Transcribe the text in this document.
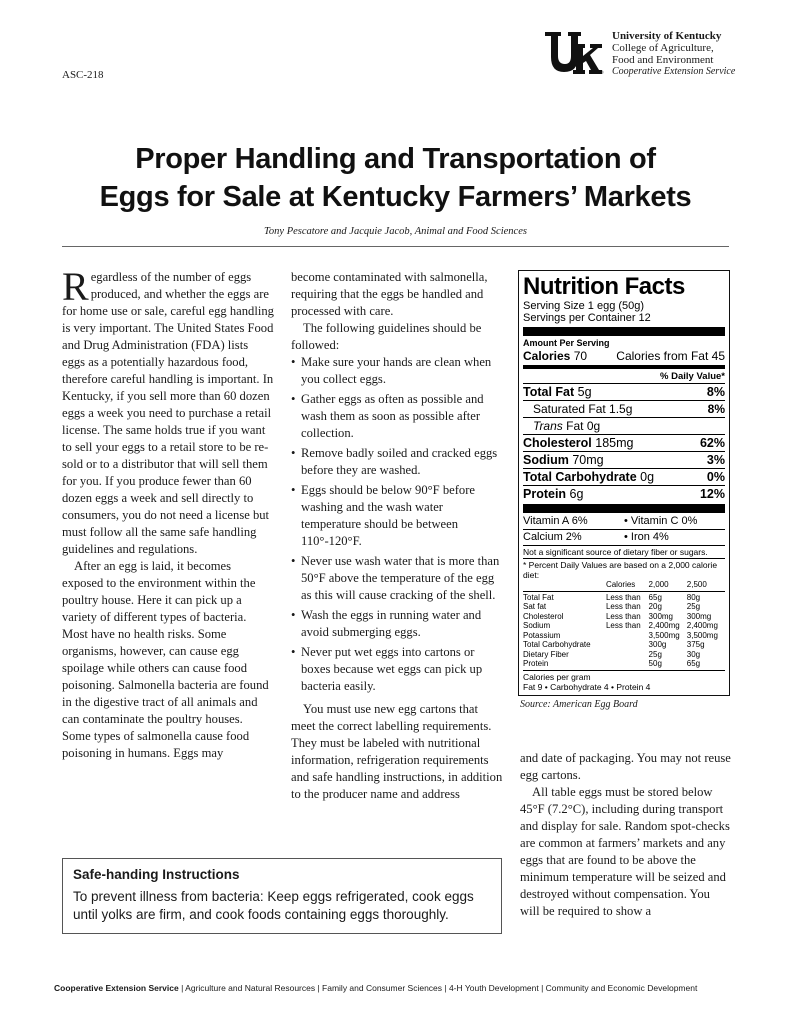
ASC-218	®
University of Kentucky
College of Agriculture,
Food and Environment
Cooperative Extension Service
Proper Handling and Transportation of
Eggs for Sale at Kentucky Farmers’ Markets
Tony Pescatore and Jacquie Jacob, Animal and Food Sciences

Regardless of the number of eggs produced, and whether the eggs are for home use or sale, careful egg handling is very important. The United States Food and Drug Administration (FDA) lists eggs as a potentially hazardous food, therefore careful handling is important. In Kentucky, if you sell more than 60 dozen eggs a week you need to purchase a retail license. The same holds true if you want to sell your eggs to a retail store to be re-sold or to a distributor that will sell them for you. If you produce fewer than 60 dozen eggs a week and sell directly to consumers, you do not need a license but must follow all the same safe handling guidelines and regulations.

After an egg is laid, it becomes exposed to the environment within the poultry house. Here it can pick up a variety of different types of bacteria. Most have no health risks. Some organisms, however, can cause egg spoilage while others can cause food poisoning. Salmonella bacteria are found in the digestive tract of all animals and can contaminate the poultry houses. Some types of salmonella cause food poisoning in humans. Eggs may

become contaminated with salmonella, requiring that the eggs be handled and processed with care.

The following guidelines should be followed:

• Make sure your hands are clean when you collect eggs.
• Gather eggs as often as possible and wash them as soon as possible after collection.
• Remove badly soiled and cracked eggs before they are washed.
• Eggs should be below 90°F before washing and the wash water temperature should be between 110°-120°F.
• Never use wash water that is more than 50°F above the temperature of the egg as this will cause cracking of the shell.
• Wash the eggs in running water and avoid submerging eggs.
• Never put wet eggs into cartons or boxes because wet eggs can pick up bacteria easily.

You must use new egg cartons that meet the correct labelling requirements. They must be labeled with nutritional information, refrigeration requirements and safe handling instructions, in addition to the producer name and address

Nutrition Facts
Serving Size 1 egg (50g)
Servings per Container 12
Amount Per Serving
Calories 70 Calories from Fat 45
% Daily Value*
Total Fat 5g	8%
Saturated Fat 1.5g	8%
Trans Fat 0g
Cholesterol 185mg	62%
Sodium 70mg	3%
Total Carbohydrate 0g	0%
Protein 6g	12%
Vitamin A 6%	• Vitamin C 0%
Calcium 2%	• Iron 4%
Not a significant source of dietary fiber or sugars.
* Percent Daily Values are based on a 2,000 calorie diet:
	Calories	2,000	2,500

Total Fat	Less than	65g	80g
Sat fat	Less than	20g	25g
Cholesterol	Less than	300mg	300mg
Sodium	Less than	2,400mg	2,400mg
Potassium		3,500mg	3,500mg
Total Carbohydrate		300g	375g
Dietary Fiber		25g	30g
Protein		50g	65g
Calories per gram
Fat 9 • Carbohydrate 4 • Protein 4
Source: American Egg Board

and date of packaging. You may not reuse egg cartons.

All table eggs must be stored below 45°F (7.2°C), including during transport and display for sale. Random spot-checks are common at farmers’ markets and any eggs that are found to be above the minimum temperature will be seized and destroyed without compensation. You will be required to show a

Safe-handing Instructions
To prevent illness from bacteria: Keep eggs refrigerated, cook eggs until yolks are firm, and cook foods containing eggs thoroughly.
Cooperative Extension Service | Agriculture and Natural Resources | Family and Consumer Sciences | 4-H Youth Development | Community and Economic Development
